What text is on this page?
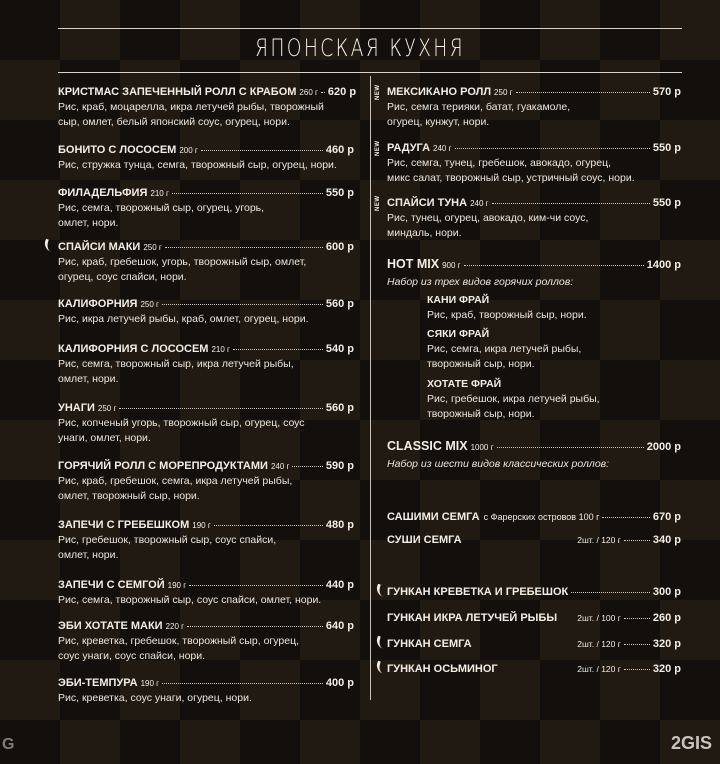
ЯПОНСКАЯ КУХНЯ
КРИСТМАС ЗАПЕЧЕННЫЙ РОЛЛ С КРАБОМ 260 г 620 р
Рис, краб, моцарелла, икра летучей рыбы, творожный
сыр, омлет, белый японский соус, огурец, нори.
БОНИТО С ЛОСОСЕМ 200 г	460 р
Рис, стружка тунца, семга, творожный сыр, огурец, нори.
ФИЛАДЕЛЬФИЯ 210 г	550 р
Рис, семга, творожный сыр, огурец, угорь,
омлет, нори.
СПАЙСИ МАКИ 250 г	600 р
Рис, краб, гребешок, угорь, творожный сыр, омлет,
огурец, соус спайси, нори.
КАЛИФОРНИЯ 250 г	560 р
Рис, икра летучей рыбы, краб, омлет, огурец, нори.
КАЛИФОРНИЯ С ЛОСОСЕМ 210 г	540 р
Рис, семга, творожный сыр, икра летучей рыбы,
омлет, нори.
УНАГИ 250 г	560 р
Рис, копченый угорь, творожный сыр, огурец, соус
унаги, омлет, нори.
ГОРЯЧИЙ РОЛЛ С МОРЕПРОДУКТАМИ 240 г	590 р
Рис, краб, гребешок, семга, икра летучей рыбы,
омлет, творожный сыр, нори.
ЗАПЕЧИ С ГРЕБЕШКОМ 190 г	480 р
Рис, гребешок, творожный сыр, соус спайси,
омлет, нори.
ЗАПЕЧИ С СЕМГОЙ 190 г	440 р
Рис, семга, творожный сыр, соус спайси, омлет, нори.
ЭБИ ХОТАТЕ МАКИ 220 г	640 р
Рис, креветка, гребешок, творожный сыр, огурец,
соус унаги, соус спайси, нори.
ЭБИ-ТЕМПУРА 190 г	400 р
Рис, креветка, соус унаги, огурец, нори.
МЕКСИКАНО РОЛЛ 250 г	570 р
Рис, семга терияки, батат, гуакамоле,
огурец, кунжут, нори.
РАДУГА 240 г	550 р
Рис, семга, тунец, гребешок, авокадо, огурец,
микс салат, творожный сыр, устричный соус, нори.
СПАЙСИ ТУНА 240 г	550 р
Рис, тунец, огурец, авокадо, ким-чи соус,
миндаль, нори.
NEW
NEW
NEW
HOT MIX 900 г	1400 р
Набор из трех видов горячих роллов:
КАНИ ФРАЙ
Рис, краб, творожный сыр, нори.
СЯКИ ФРАЙ
Рис, семга, икра летучей рыбы,
творожный сыр, нори.
ХОТАТЕ ФРАЙ
Рис, гребешок, икра летучей рыбы,
творожный сыр, нори.
CLASSIC MIX 1000 г	2000 р
Набор из шести видов классических роллов:
САШИМИ СЕМГА с Фарерских островов 100 г	670 р
СУШИ СЕМГА	2шт. / 120 г	340 р
ГУНКАН КРЕВЕТКА И ГРЕБЕШОК	300 р
ГУНКАН ИКРА ЛЕТУЧЕЙ РЫБЫ 2шт. / 100 г	260 р
ГУНКАН СЕМГА	2шт. / 120 г	320 р
ГУНКАН ОСЬМИНОГ	2шт. / 120 г	320 р
G	2GIS
